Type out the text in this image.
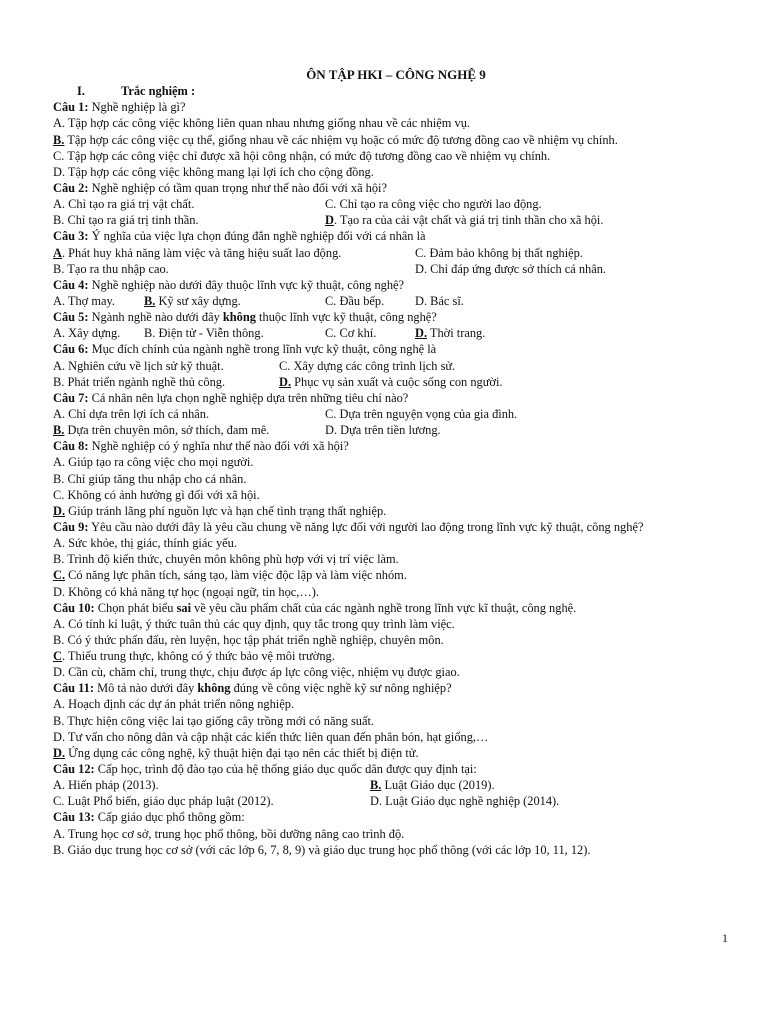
ÔN TẬP HKI – CÔNG NGHỆ 9
I.	Trắc nghiệm :
Câu 1: Nghề nghiệp là gì?
A. Tập hợp các công việc không liên quan nhau nhưng giống nhau về các nhiệm vụ.
B. Tập hợp các công việc cụ thể, giống nhau về các nhiệm vụ hoặc có mức độ tương đồng cao về nhiệm vụ chính.
C. Tập hợp các công việc chỉ được xã hội công nhận, có mức độ tương đồng cao về nhiệm vụ chính.
D. Tập hợp các công việc không mang lại lợi ích cho cộng đồng.
Câu 2: Nghề nghiệp có tầm quan trọng như thế nào đối với xã hội?
A. Chỉ tạo ra giá trị vật chất.	C. Chỉ tạo ra công việc cho người lao động.
B. Chỉ tạo ra giá trị tinh thần.	D. Tạo ra của cải vật chất và giá trị tinh thần cho xã hội.
Câu 3: Ý nghĩa của việc lựa chọn đúng đắn nghề nghiệp đối với cá nhân là
A. Phát huy khả năng làm việc và tăng hiệu suất lao động.	C. Đảm bảo không bị thất nghiệp.
B. Tạo ra thu nhập cao.	D. Chỉ đáp ứng được sở thích cá nhân.
Câu 4: Nghề nghiệp nào dưới đây thuộc lĩnh vực kỹ thuật, công nghệ?
A. Thợ may.	B. Kỹ sư xây dựng.	C. Đầu bếp.	D. Bác sĩ.
Câu 5: Ngành nghề nào dưới đây không thuộc lĩnh vực kỹ thuật, công nghệ?
A. Xây dựng.	B. Điện tử - Viễn thông.	C. Cơ khí.	D. Thời trang.
Câu 6: Mục đích chính của ngành nghề trong lĩnh vực kỹ thuật, công nghệ là
A. Nghiên cứu về lịch sử kỹ thuật.	C. Xây dựng các công trình lịch sử.
B. Phát triển ngành nghề thủ công.	D. Phục vụ sản xuất và cuộc sống con người.
Câu 7: Cá nhân nên lựa chọn nghề nghiệp dựa trên những tiêu chí nào?
A. Chỉ dựa trên lợi ích cá nhân.	C. Dựa trên nguyện vọng của gia đình.
B. Dựa trên chuyên môn, sở thích, đam mê.	D. Dựa trên tiền lương.
Câu 8: Nghề nghiệp có ý nghĩa như thế nào đối với xã hội?
A. Giúp tạo ra công việc cho mọi người.
B. Chỉ giúp tăng thu nhập cho cá nhân.
C. Không có ảnh hưởng gì đối với xã hội.
D. Giúp tránh lãng phí nguồn lực và hạn chế tình trạng thất nghiệp.
Câu 9: Yêu cầu nào dưới đây là yêu cầu chung về năng lực đối với người lao động trong lĩnh vực kỹ thuật, công nghệ?
A. Sức khỏe, thị giác, thính giác yếu.
B. Trình độ kiến thức, chuyên môn không phù hợp với vị trí việc làm.
C. Có năng lực phân tích, sáng tạo, làm việc độc lập và làm việc nhóm.
D. Không có khả năng tự học (ngoại ngữ, tin học,…).
Câu 10: Chọn phát biểu sai về yêu cầu phẩm chất của các ngành nghề trong lĩnh vực kĩ thuật, công nghệ.
A. Có tính kỉ luật, ý thức tuân thủ các quy định, quy tắc trong quy trình làm việc.
B. Có ý thức phấn đấu, rèn luyện, học tập phát triển nghề nghiệp, chuyên môn.
C. Thiếu trung thực, không có ý thức bảo vệ môi trường.
D. Cần cù, chăm chỉ, trung thực, chịu được áp lực công việc, nhiệm vụ được giao.
Câu 11: Mô tả nào dưới đây không đúng về công việc nghề kỹ sư nông nghiệp?
A. Hoạch định các dự án phát triển nông nghiệp.
B. Thực hiện công việc lai tạo giống cây trồng mới có năng suất.
D. Tư vấn cho nông dân và cập nhật các kiến thức liên quan đến phân bón, hạt giống,…
D. Ứng dụng các công nghệ, kỹ thuật hiện đại tạo nên các thiết bị điện tử.
Câu 12: Cấp học, trình độ đào tạo của hệ thống giáo dục quốc dân được quy định tại:
A. Hiến pháp (2013).	B. Luật Giáo dục (2019).
C. Luật Phổ biến, giáo dục pháp luật (2012).	D. Luật Giáo dục nghề nghiệp (2014).
Câu 13: Cấp giáo dục phổ thông gồm:
A. Trung học cơ sở, trung học phổ thông, bồi dưỡng nâng cao trình độ.
B. Giáo dục trung học cơ sở (với các lớp 6, 7, 8, 9) và giáo dục trung học phổ thông (với các lớp 10, 11, 12).
1
